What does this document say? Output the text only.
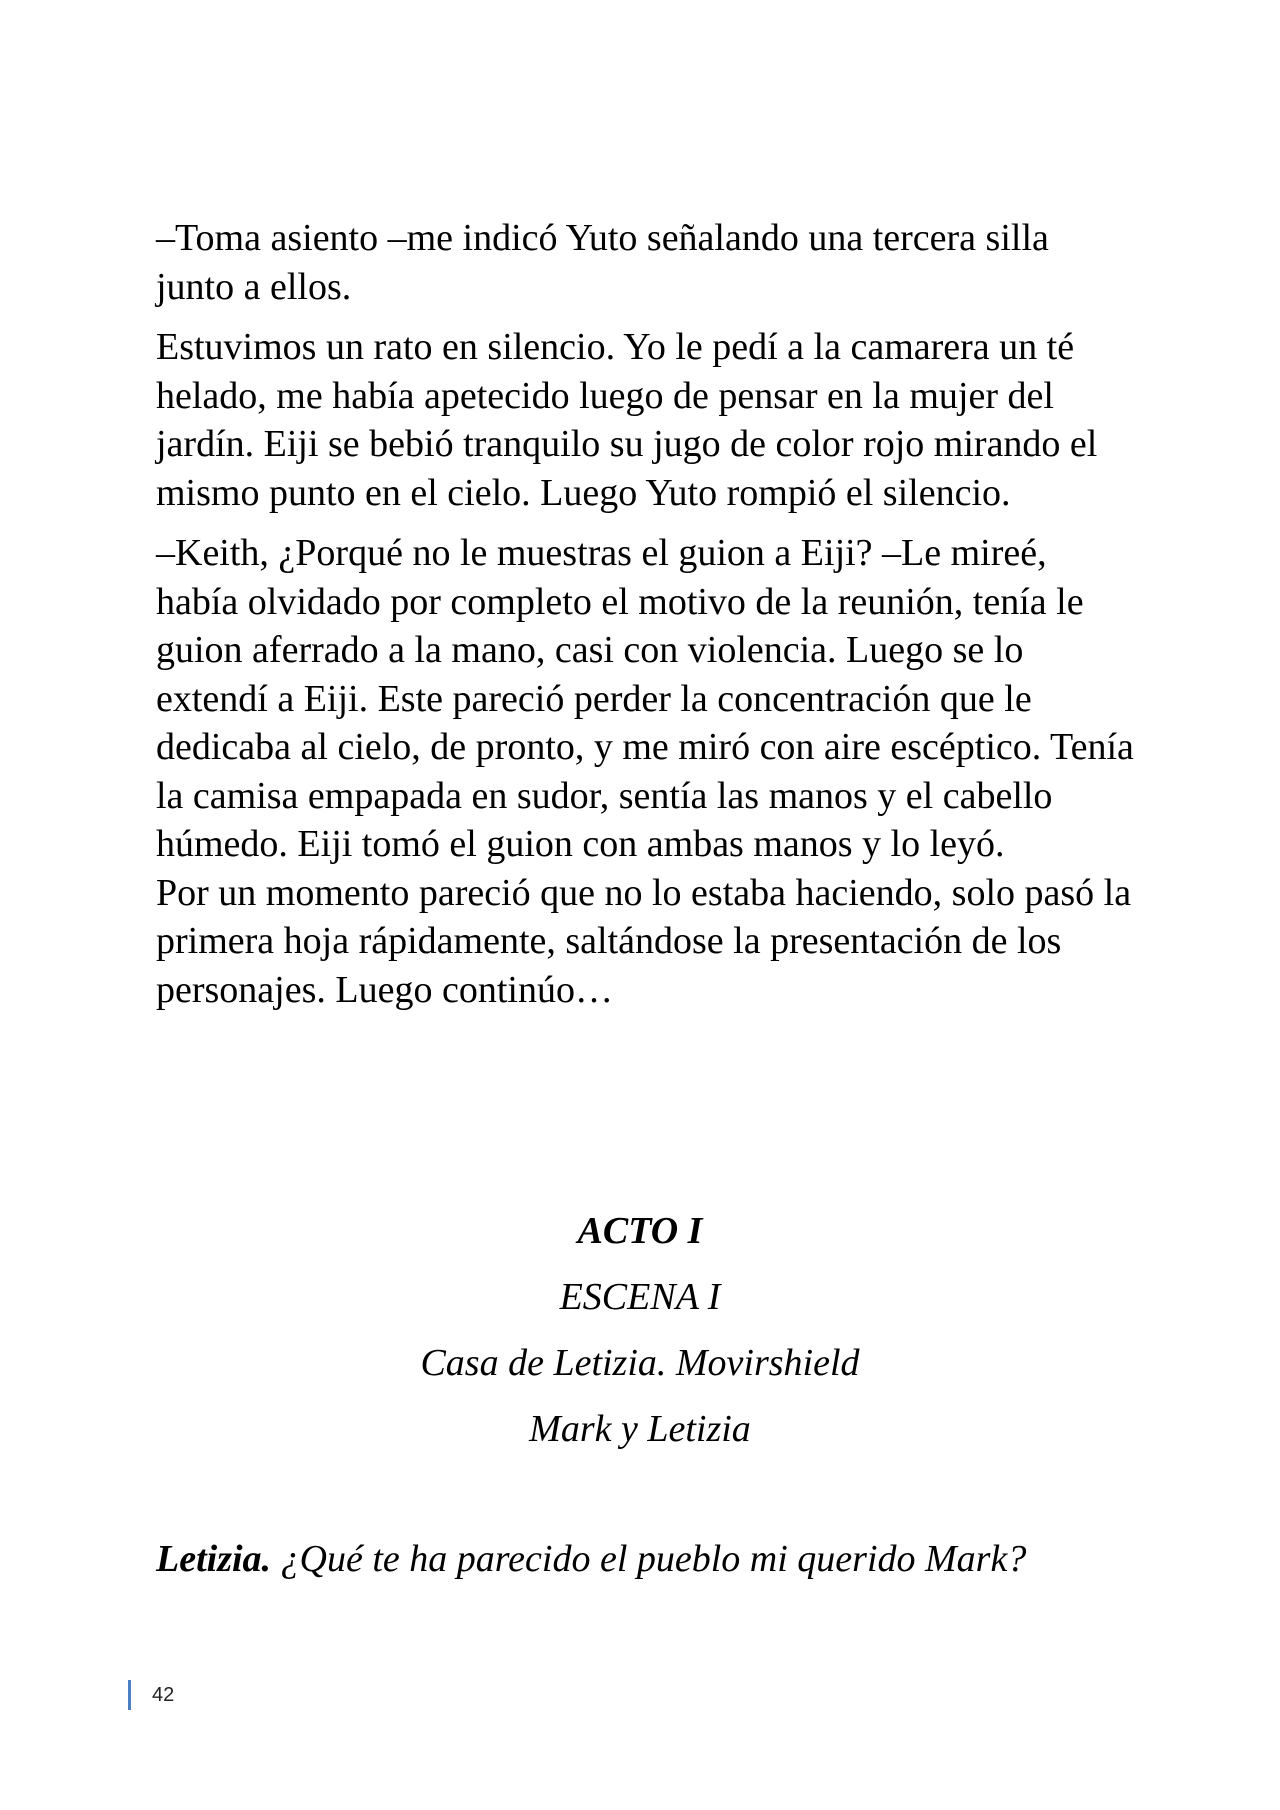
–Toma asiento –me indicó Yuto señalando una tercera silla junto a ellos.

Estuvimos un rato en silencio. Yo le pedí a la camarera un té helado, me había apetecido luego de pensar en la mujer del jardín. Eiji se bebió tranquilo su jugo de color rojo mirando el mismo punto en el cielo. Luego Yuto rompió el silencio.

–Keith, ¿Porqué no le muestras el guion a Eiji? –Le mireé, había olvidado por completo el motivo de la reunión, tenía le guion aferrado a la mano, casi con violencia. Luego se lo extendí a Eiji. Este pareció perder la concentración que le dedicaba al cielo, de pronto, y me miró con aire escéptico. Tenía la camisa empapada en sudor, sentía las manos y el cabello húmedo. Eiji tomó el guion con ambas manos y lo leyó.

Por un momento pareció que no lo estaba haciendo, solo pasó la primera hoja rápidamente, saltándose la presentación de los personajes. Luego continúo…

ACTO I
ESCENA I
Casa de Letizia. Movirshield
Mark y Letizia
Letizia. ¿Qué te ha parecido el pueblo mi querido Mark?
42
